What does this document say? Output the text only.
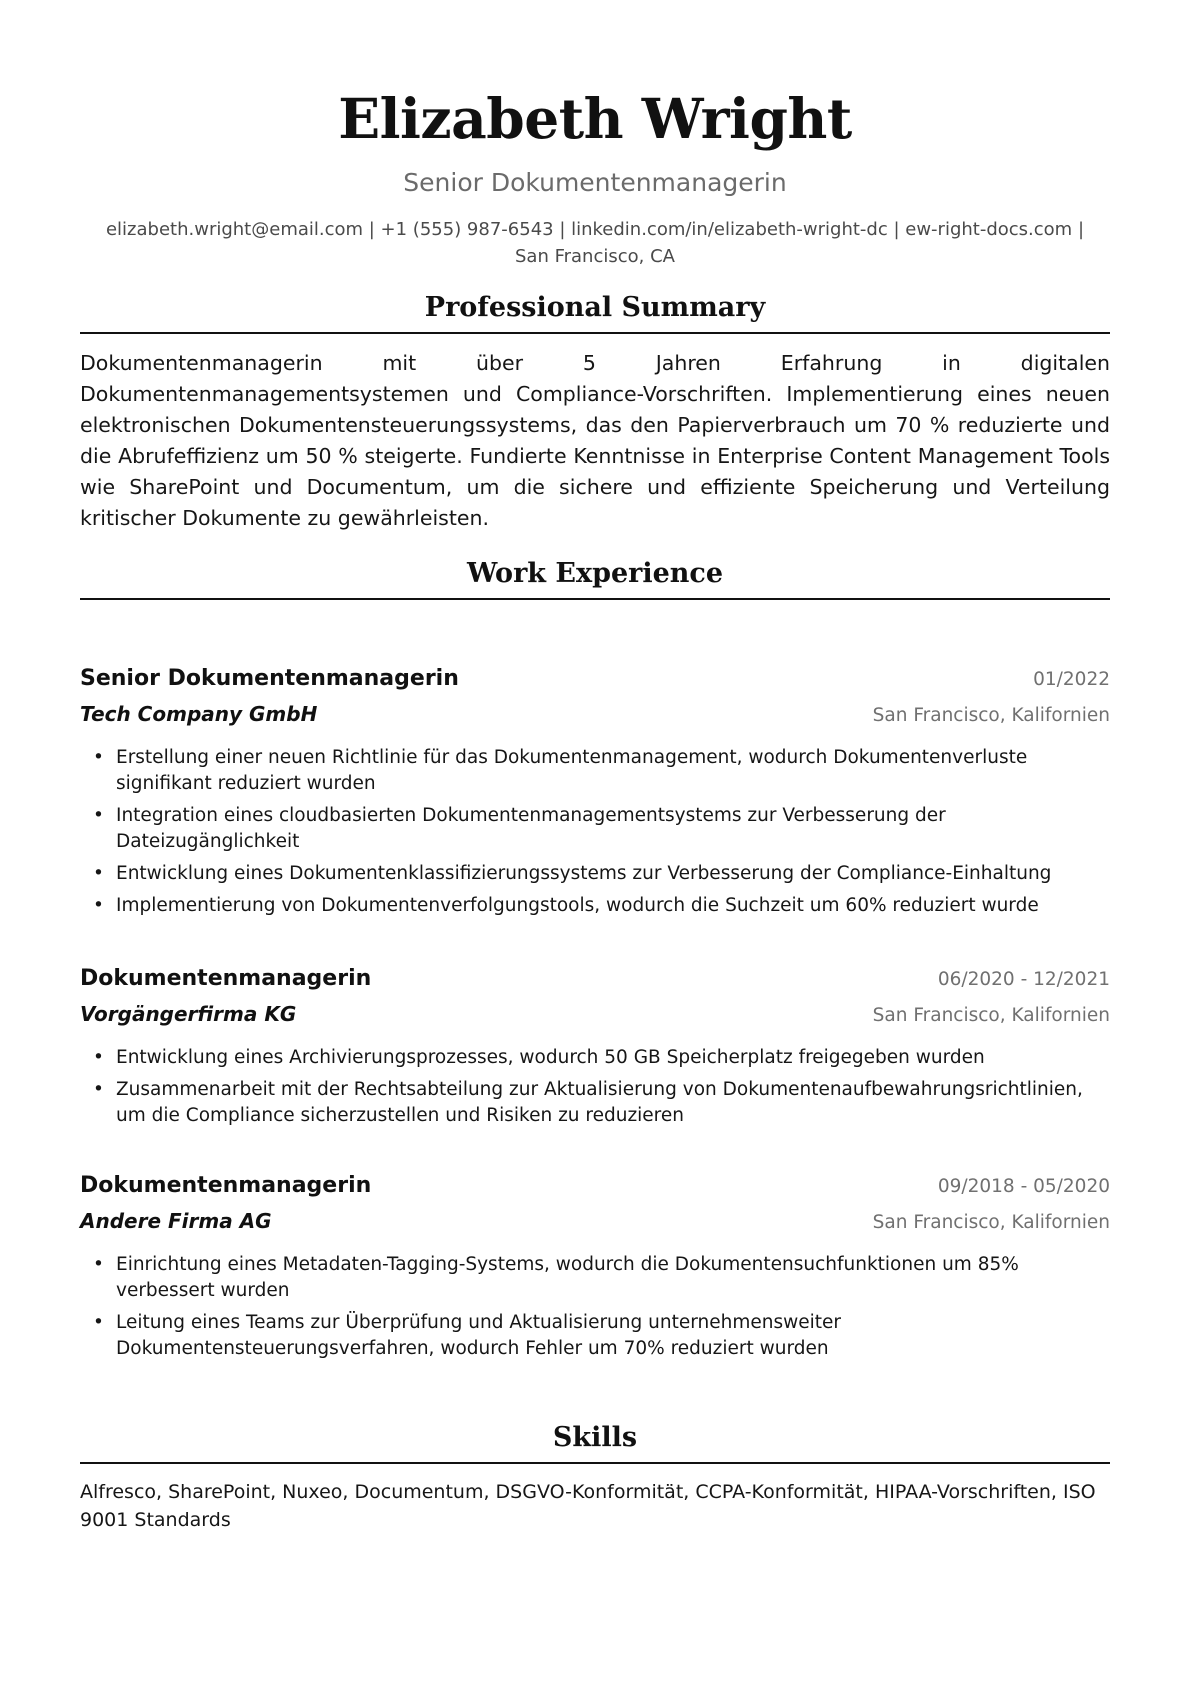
Elizabeth Wright
Senior Dokumentenmanagerin
elizabeth.wright@email.com | +1 (555) 987-6543 | linkedin.com/in/elizabeth-wright-dc | ew-right-docs.com |
San Francisco, CA
Professional Summary
Dokumentenmanagerin mit über 5 Jahren Erfahrung in digitalen Dokumentenmanagementsystemen und Compliance-Vorschriften. Implementierung eines neuen elektronischen Dokumentensteuerungssystems, das den Papierverbrauch um 70 % reduzierte und die Abrufeffizienz um 50 % steigerte. Fundierte Kenntnisse in Enterprise Content Management Tools wie SharePoint und Documentum, um die sichere und effiziente Speicherung und Verteilung kritischer Dokumente zu gewährleisten.
Work Experience
Senior Dokumentenmanagerin	01/2022
Tech Company GmbH	San Francisco, Kalifornien
• Erstellung einer neuen Richtlinie für das Dokumentenmanagement, wodurch Dokumentenverluste signifikant reduziert wurden
• Integration eines cloudbasierten Dokumentenmanagementsystems zur Verbesserung der Dateizugänglichkeit
• Entwicklung eines Dokumentenklassifizierungssystems zur Verbesserung der Compliance-Einhaltung
• Implementierung von Dokumentenverfolgungstools, wodurch die Suchzeit um 60% reduziert wurde
Dokumentenmanagerin	06/2020 - 12/2021
Vorgängerfirma KG	San Francisco, Kalifornien
• Entwicklung eines Archivierungsprozesses, wodurch 50 GB Speicherplatz freigegeben wurden
• Zusammenarbeit mit der Rechtsabteilung zur Aktualisierung von Dokumentenaufbewahrungsrichtlinien, um die Compliance sicherzustellen und Risiken zu reduzieren
Dokumentenmanagerin	09/2018 - 05/2020
Andere Firma AG	San Francisco, Kalifornien
• Einrichtung eines Metadaten-Tagging-Systems, wodurch die Dokumentensuchfunktionen um 85% verbessert wurden
• Leitung eines Teams zur Überprüfung und Aktualisierung unternehmensweiter Dokumentensteuerungsverfahren, wodurch Fehler um 70% reduziert wurden
Skills
Alfresco, SharePoint, Nuxeo, Documentum, DSGVO-Konformität, CCPA-Konformität, HIPAA-Vorschriften, ISO 9001 Standards
